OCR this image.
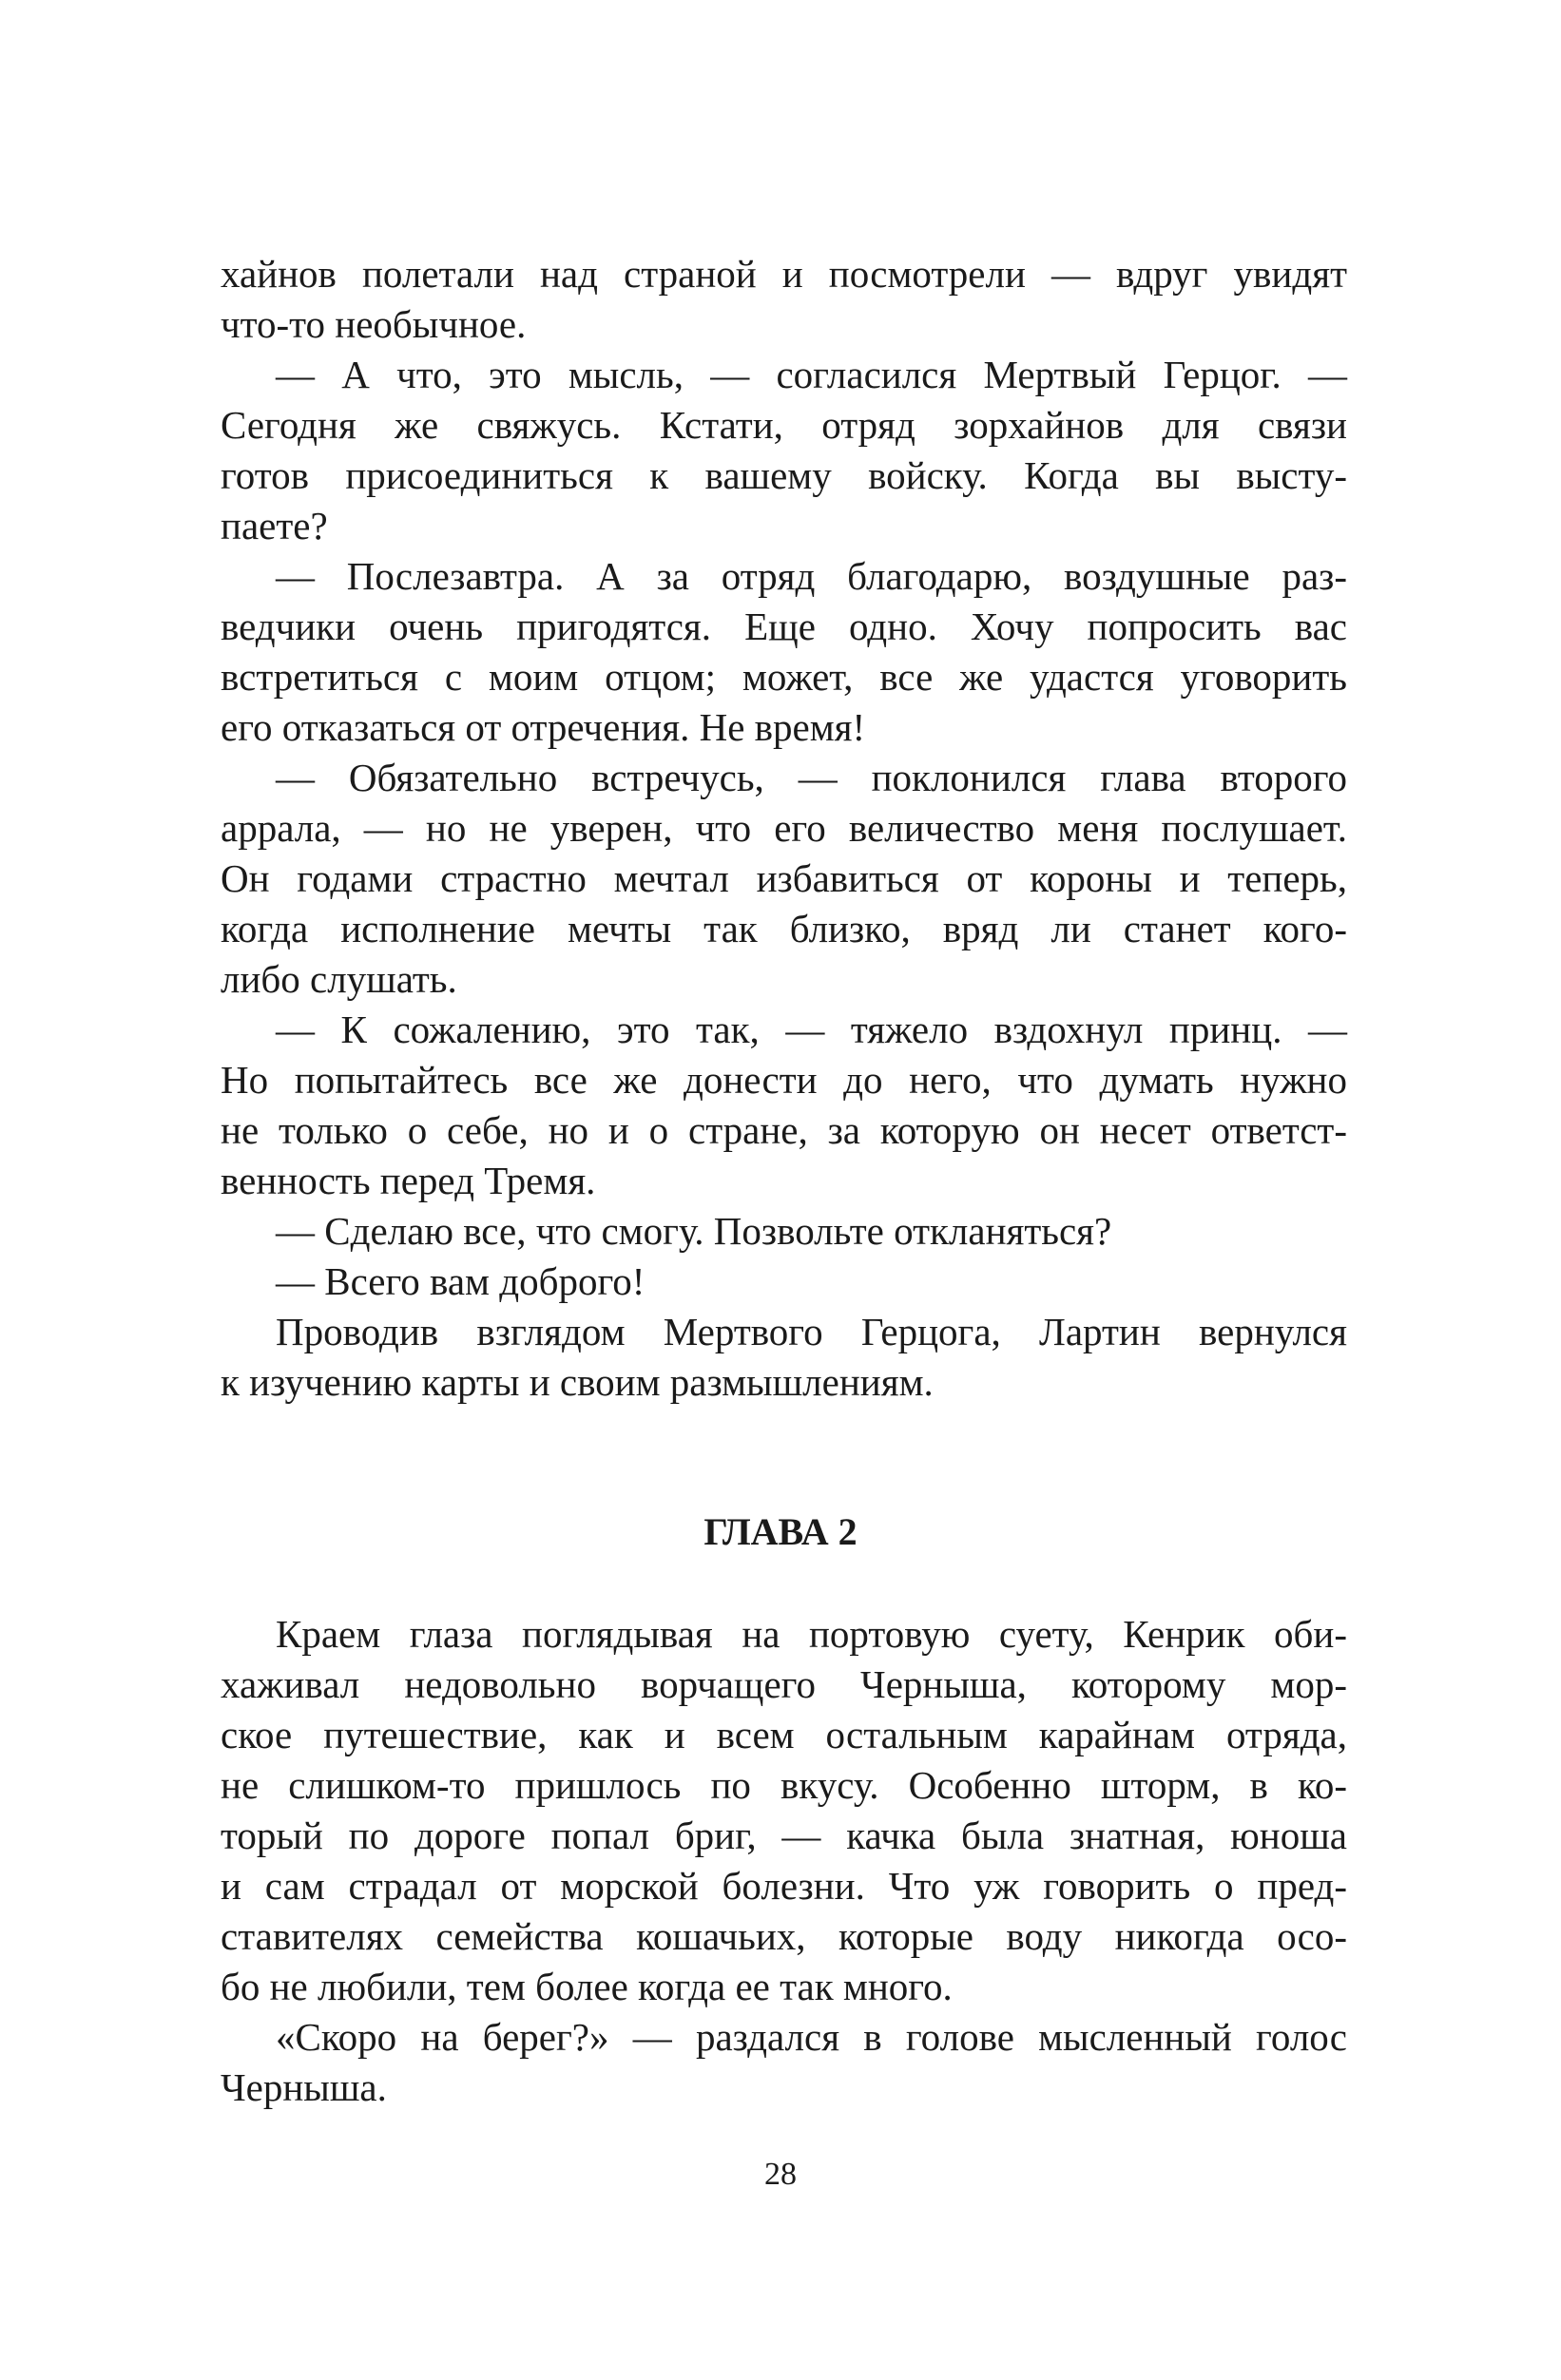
хайнов полетали над страной и посмотрели — вдруг увидят
что-то необычное.
— А что, это мысль, — согласился Мертвый Герцог. —
Сегодня же свяжусь. Кстати, отряд зорхайнов для связи
готов присоединиться к вашему войску. Когда вы высту-
паете?
— Послезавтра. А за отряд благодарю, воздушные раз-
ведчики очень пригодятся. Еще одно. Хочу попросить вас
встретиться с моим отцом; может, все же удастся уговорить
его отказаться от отречения. Не время!
— Обязательно встречусь, — поклонился глава второго
аррала, — но не уверен, что его величество меня послушает.
Он годами страстно мечтал избавиться от короны и теперь,
когда исполнение мечты так близко, вряд ли станет кого-
либо слушать.
— К сожалению, это так, — тяжело вздохнул принц. —
Но попытайтесь все же донести до него, что думать нужно
не только о себе, но и о стране, за которую он несет ответст-
венность перед Тремя.
— Сделаю все, что смогу. Позвольте откланяться?
— Всего вам доброго!
Проводив взглядом Мертвого Герцога, Лартин вернулся
к изучению карты и своим размышлениям.
ГЛАВА 2
Краем глаза поглядывая на портовую суету, Кенрик оби-
хаживал недовольно ворчащего Черныша, которому мор-
ское путешествие, как и всем остальным карайнам отряда,
не слишком-то пришлось по вкусу. Особенно шторм, в ко-
торый по дороге попал бриг, — качка была знатная, юноша
и сам страдал от морской болезни. Что уж говорить о пред-
ставителях семейства кошачьих, которые воду никогда осо-
бо не любили, тем более когда ее так много.
«Скоро на берег?» — раздался в голове мысленный голос
Черныша.
28
